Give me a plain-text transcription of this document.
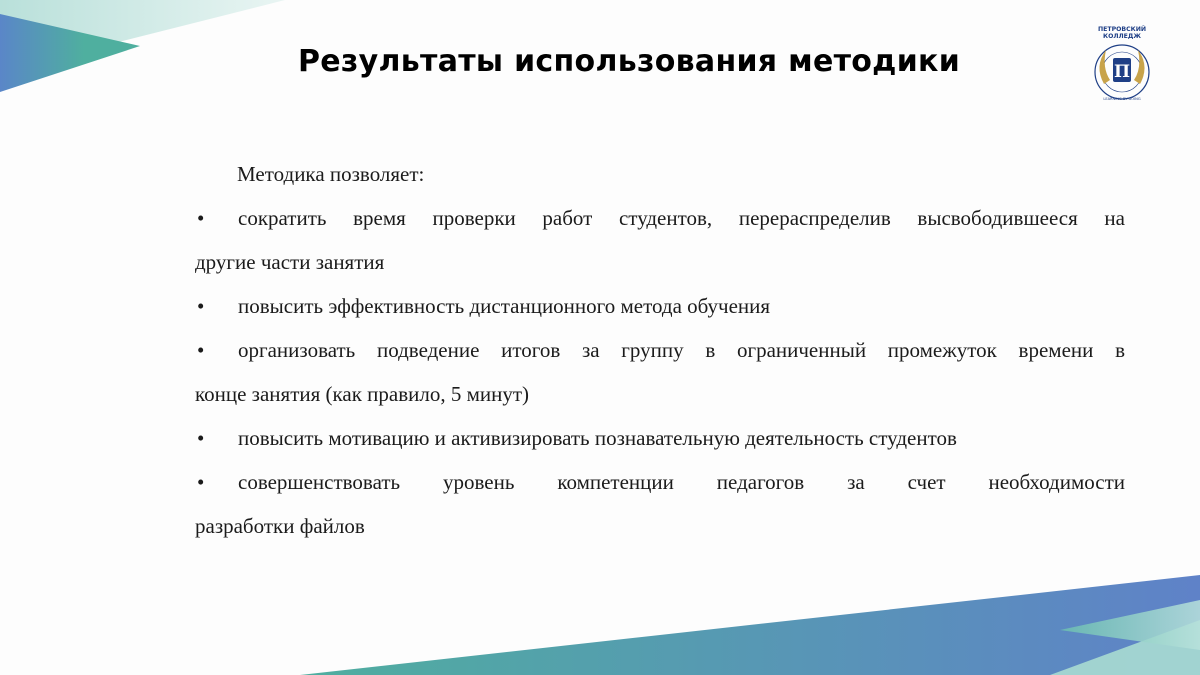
Результаты использования методики
ПЕТРОВСКИЙ
КОЛЛЕДЖ
П
LEARNING BY DOING
Методика позволяет:
• сократить время проверки работ студентов, перераспределив высвободившееся на
другие части занятия
• повысить эффективность дистанционного метода обучения
• организовать подведение итогов за группу в ограниченный промежуток времени в
конце занятия (как правило, 5 минут)
• повысить мотивацию и активизировать познавательную деятельность студентов
• совершенствовать уровень компетенции педагогов за счет необходимости
разработки файлов
